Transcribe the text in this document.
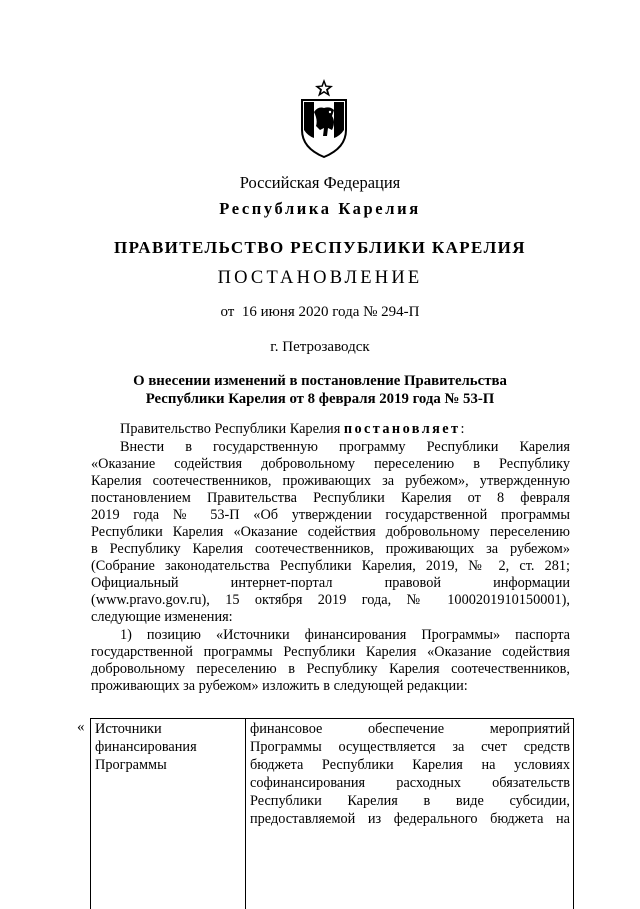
Российская Федерация
Республика Карелия
ПРАВИТЕЛЬСТВО РЕСПУБЛИКИ КАРЕЛИЯ
ПОСТАНОВЛЕНИЕ
от  16 июня 2020 года № 294-П
г. Петрозаводск
О внесении изменений в постановление Правительства
Республики Карелия от 8 февраля 2019 года № 53-П
Правительство Республики Карелия постановляет:
Внести в государственную программу Республики Карелия
«Оказание содействия добровольному переселению в Республику
Карелия соотечественников, проживающих за рубежом», утвержденную
постановлением Правительства Республики Карелия от 8 февраля
2019 года № 53-П «Об утверждении государственной программы
Республики Карелия «Оказание содействия добровольному переселению
в Республику Карелия соотечественников, проживающих за рубежом»
(Собрание законодательства Республики Карелия, 2019, № 2, ст. 281;
Официальный интернет-портал правовой информации
(www.pravo.gov.ru), 15 октября 2019 года, № 1000201910150001),
следующие изменения:
1) позицию «Источники финансирования Программы» паспорта
государственной программы Республики Карелия «Оказание содействия
добровольному переселению в Республику Карелия соотечественников,
проживающих за рубежом» изложить в следующей редакции:
« Источники
финансирования
Программы
финансовое обеспечение мероприятий
Программы осуществляется за счет средств
бюджета Республики Карелия на условиях
софинансирования расходных обязательств
Республики Карелия в виде субсидии,
предоставляемой из федерального бюджета на
